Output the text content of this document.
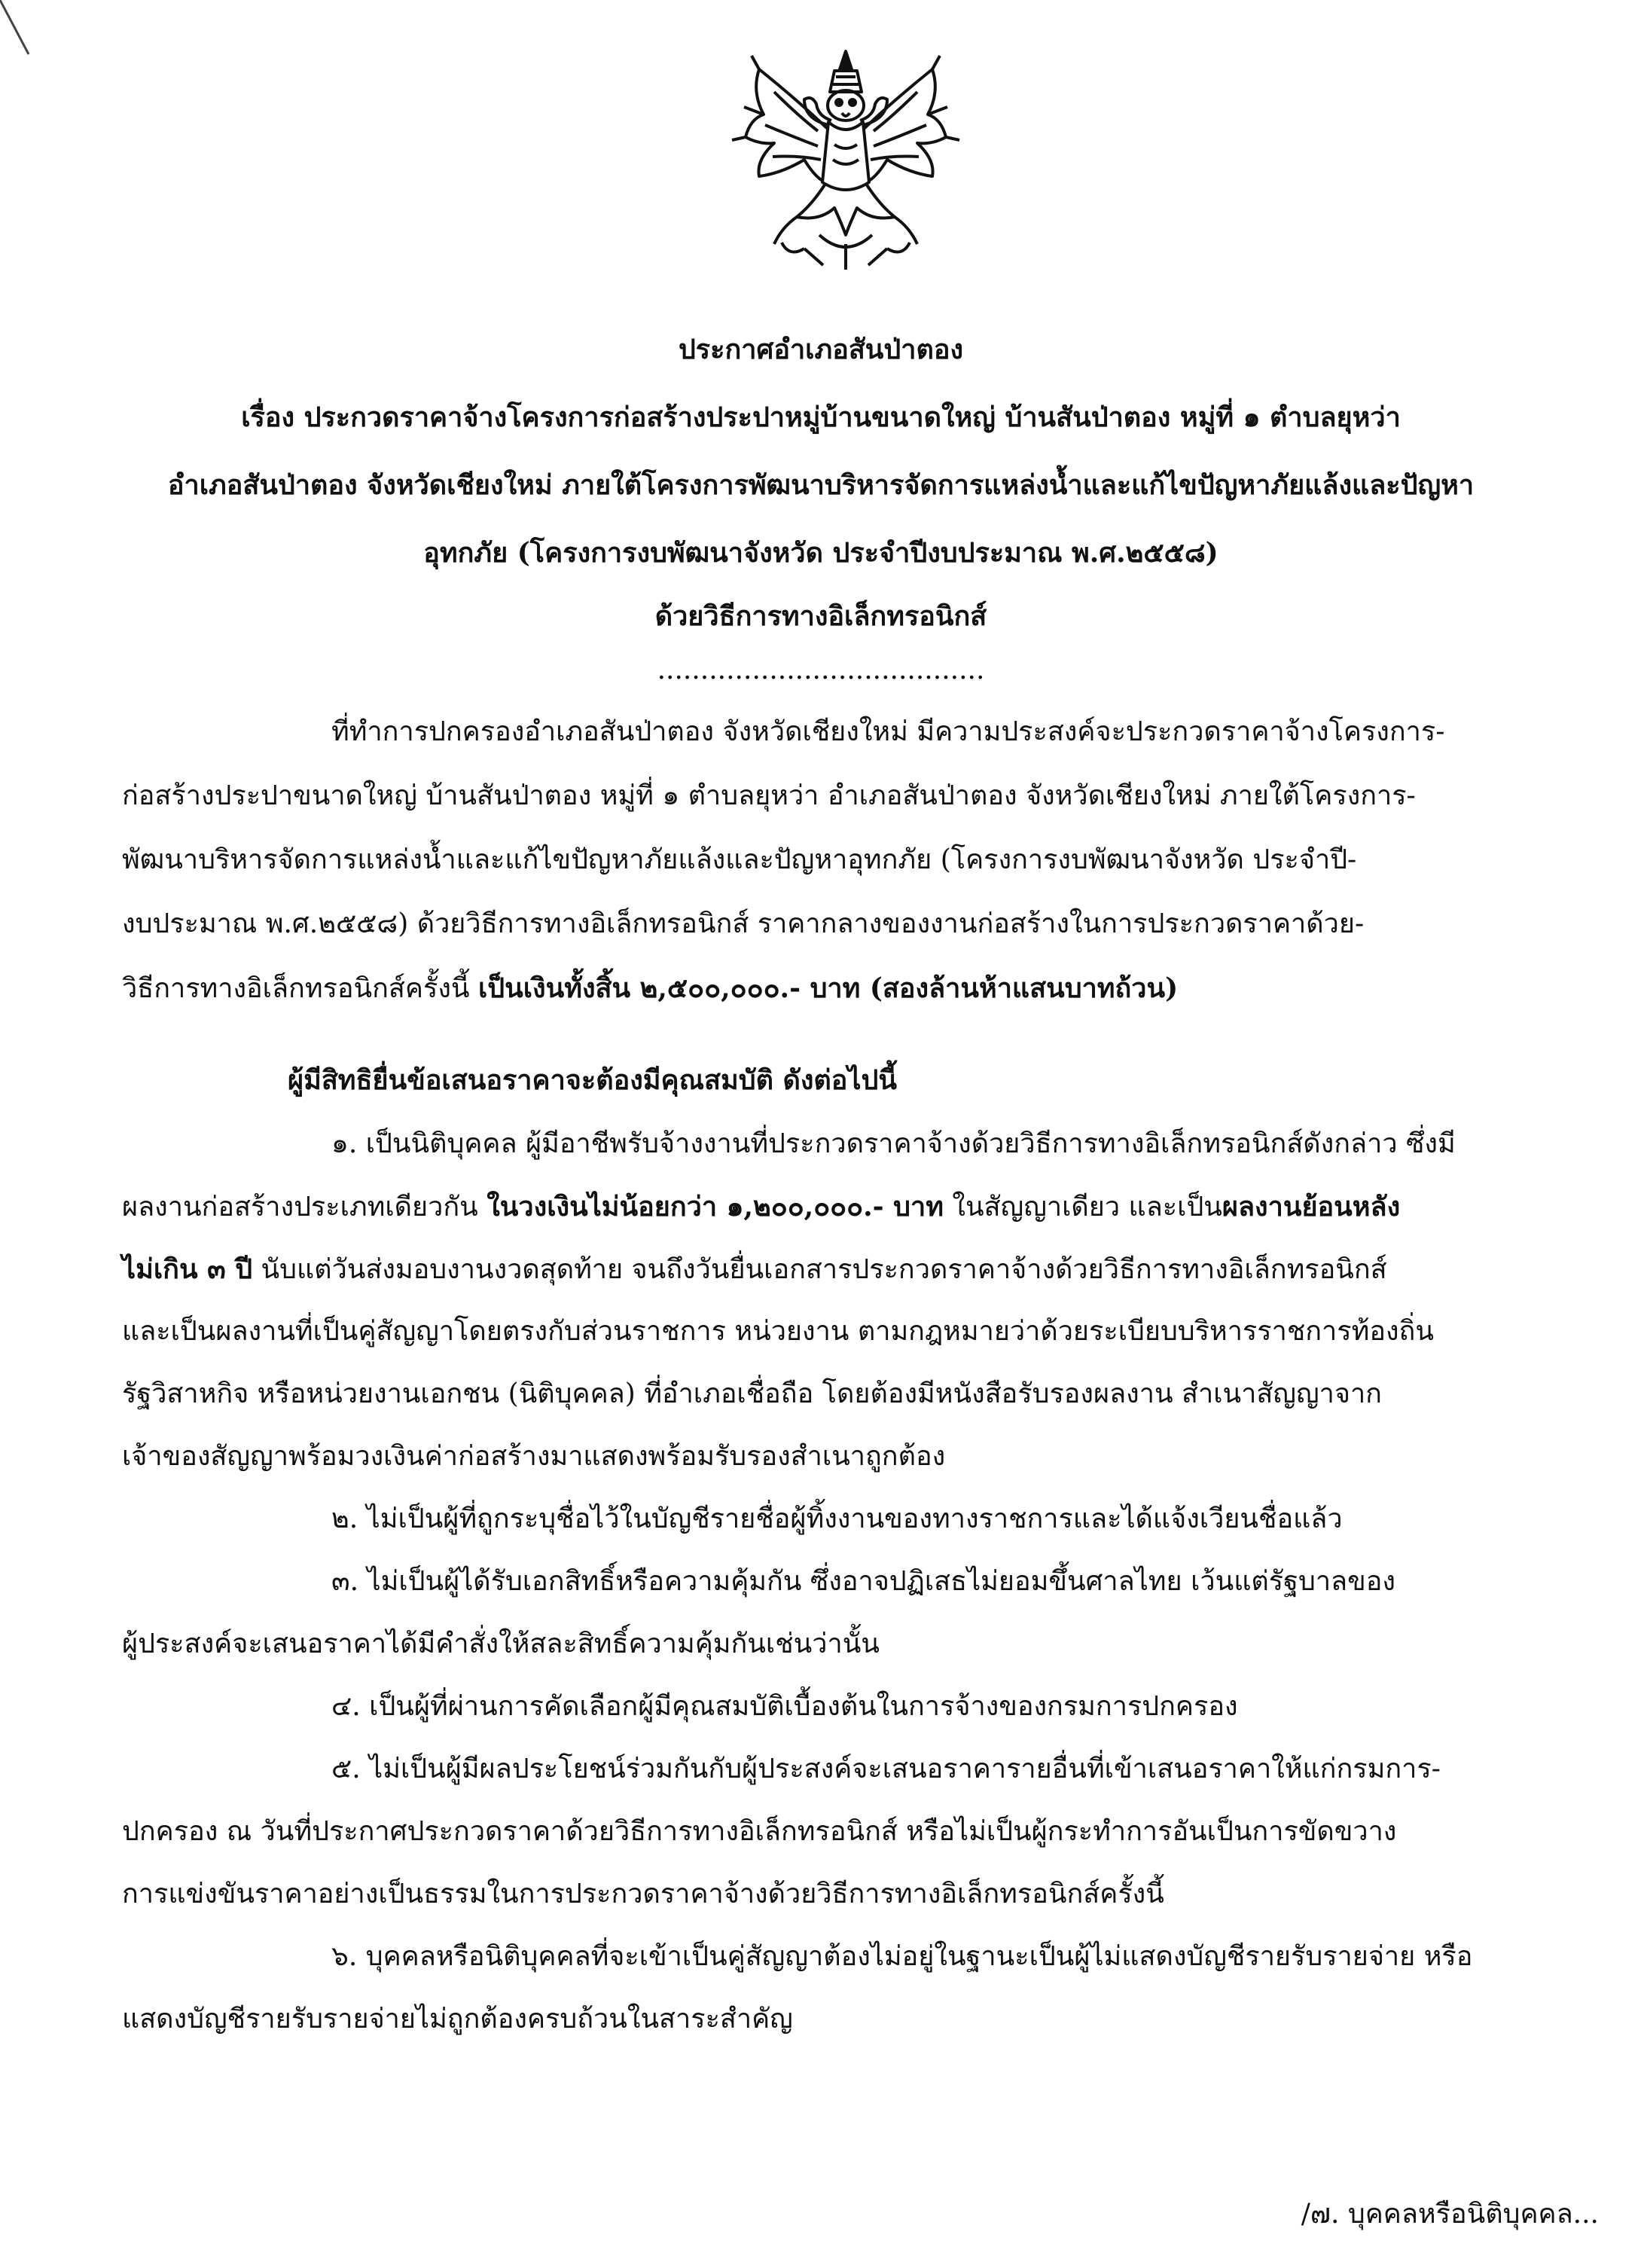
ประกาศอำเภอสันป่าตอง
เรื่อง ประกวดราคาจ้างโครงการก่อสร้างประปาหมู่บ้านขนาดใหญ่ บ้านสันป่าตอง หมู่ที่ ๑ ตำบลยุหว่า
อำเภอสันป่าตอง จังหวัดเชียงใหม่ ภายใต้โครงการพัฒนาบริหารจัดการแหล่งน้ำและแก้ไขปัญหาภัยแล้งและปัญหา
อุทกภัย (โครงการงบพัฒนาจังหวัด ประจำปีงบประมาณ พ.ศ.๒๕๕๘)
ด้วยวิธีการทางอิเล็กทรอนิกส์
......................................
ที่ทำการปกครองอำเภอสันป่าตอง จังหวัดเชียงใหม่ มีความประสงค์จะประกวดราคาจ้างโครงการ-
ก่อสร้างประปาขนาดใหญ่ บ้านสันป่าตอง หมู่ที่ ๑ ตำบลยุหว่า อำเภอสันป่าตอง จังหวัดเชียงใหม่ ภายใต้โครงการ-
พัฒนาบริหารจัดการแหล่งน้ำและแก้ไขปัญหาภัยแล้งและปัญหาอุทกภัย (โครงการงบพัฒนาจังหวัด ประจำปี-
งบประมาณ พ.ศ.๒๕๕๘) ด้วยวิธีการทางอิเล็กทรอนิกส์ ราคากลางของงานก่อสร้างในการประกวดราคาด้วย-
วิธีการทางอิเล็กทรอนิกส์ครั้งนี้ เป็นเงินทั้งสิ้น ๒,๕๐๐,๐๐๐.- บาท (สองล้านห้าแสนบาทถ้วน)
ผู้มีสิทธิยื่นข้อเสนอราคาจะต้องมีคุณสมบัติ ดังต่อไปนี้
๑. เป็นนิติบุคคล ผู้มีอาชีพรับจ้างงานที่ประกวดราคาจ้างด้วยวิธีการทางอิเล็กทรอนิกส์ดังกล่าว ซึ่งมี
ผลงานก่อสร้างประเภทเดียวกัน ในวงเงินไม่น้อยกว่า ๑,๒๐๐,๐๐๐.- บาท ในสัญญาเดียว และเป็นผลงานย้อนหลัง
ไม่เกิน ๓ ปี นับแต่วันส่งมอบงานงวดสุดท้าย จนถึงวันยื่นเอกสารประกวดราคาจ้างด้วยวิธีการทางอิเล็กทรอนิกส์
และเป็นผลงานที่เป็นคู่สัญญาโดยตรงกับส่วนราชการ หน่วยงาน ตามกฎหมายว่าด้วยระเบียบบริหารราชการท้องถิ่น
รัฐวิสาหกิจ หรือหน่วยงานเอกชน (นิติบุคคล) ที่อำเภอเชื่อถือ โดยต้องมีหนังสือรับรองผลงาน สำเนาสัญญาจาก
เจ้าของสัญญาพร้อมวงเงินค่าก่อสร้างมาแสดงพร้อมรับรองสำเนาถูกต้อง
๒. ไม่เป็นผู้ที่ถูกระบุชื่อไว้ในบัญชีรายชื่อผู้ทิ้งงานของทางราชการและได้แจ้งเวียนชื่อแล้ว
๓. ไม่เป็นผู้ได้รับเอกสิทธิ์หรือความคุ้มกัน ซึ่งอาจปฏิเสธไม่ยอมขึ้นศาลไทย เว้นแต่รัฐบาลของ
ผู้ประสงค์จะเสนอราคาได้มีคำสั่งให้สละสิทธิ์ความคุ้มกันเช่นว่านั้น
๔. เป็นผู้ที่ผ่านการคัดเลือกผู้มีคุณสมบัติเบื้องต้นในการจ้างของกรมการปกครอง
๕. ไม่เป็นผู้มีผลประโยชน์ร่วมกันกับผู้ประสงค์จะเสนอราคารายอื่นที่เข้าเสนอราคาให้แก่กรมการ-
ปกครอง ณ วันที่ประกาศประกวดราคาด้วยวิธีการทางอิเล็กทรอนิกส์ หรือไม่เป็นผู้กระทำการอันเป็นการขัดขวาง
การแข่งขันราคาอย่างเป็นธรรมในการประกวดราคาจ้างด้วยวิธีการทางอิเล็กทรอนิกส์ครั้งนี้
๖. บุคคลหรือนิติบุคคลที่จะเข้าเป็นคู่สัญญาต้องไม่อยู่ในฐานะเป็นผู้ไม่แสดงบัญชีรายรับรายจ่าย หรือ
แสดงบัญชีรายรับรายจ่ายไม่ถูกต้องครบถ้วนในสาระสำคัญ
/๗. บุคคลหรือนิติบุคคล...
